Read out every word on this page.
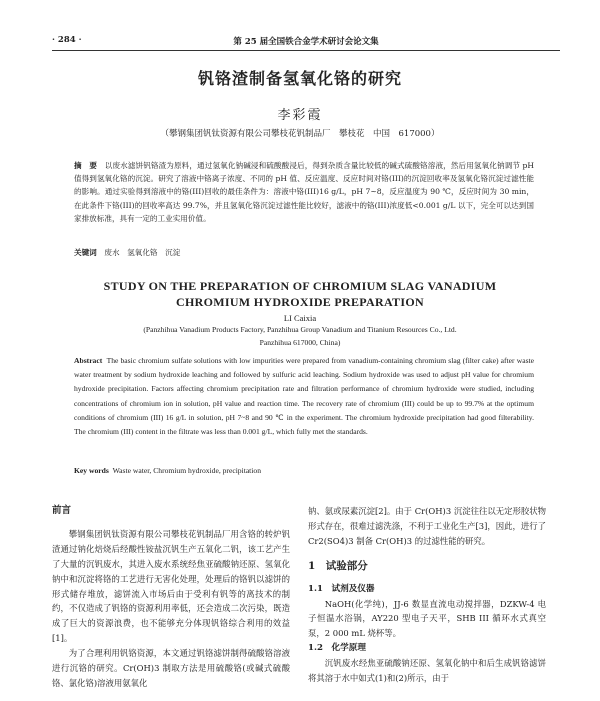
· 284 ·	第 25 届全国铁合金学术研讨会论文集
钒铬渣制备氢氧化铬的研究
李彩霞
（攀钢集团钒钛资源有限公司攀枝花钒制品厂　攀枝花　中国　617000）
摘　要　 以废水滤饼钒铬渣为原料，通过氢氧化钠碱浸和硫酸酸浸后，得到杂质含量比较低的碱式硫酸铬溶液，然后用氢氧化钠调节 pH 值得到氢氧化铬的沉淀。研究了溶液中铬离子浓度、不同的 pH 值、反应温度、反应时间对铬(III)的沉淀回收率及氢氧化铬沉淀过滤性能的影响。通过实验得到溶液中的铬(III)回收的最佳条件为：溶液中铬(III)16 g/L，pH 7~8，反应温度为 90 ℃，反应时间为 30 min，在此条件下铬(III)的回收率高达 99.7%，并且氢氧化铬沉淀过滤性能比较好，滤液中的铬(III)浓度低<0.001 g/L 以下，完全可以达到国家排放标准，具有一定的工业实用价值。
关键词　 废水　氢氧化铬　沉淀
STUDY ON THE PREPARATION OF CHROMIUM SLAG VANADIUM
CHROMIUM HYDROXIDE PREPARATION
LI Caixia
(Panzhihua Vanadium Products Factory, Panzhihua Group Vanadium and Titanium Resources Co., Ltd.
Panzhihua 617000, China)
Abstract The basic chromium sulfate solutions with low impurities were prepared from vanadium-containing chromium slag (filter cake) after waste water treatment by sodium hydroxide leaching and followed by sulfuric acid leaching. Sodium hydroxide was used to adjust pH value for chromium hydroxide precipitation. Factors affecting chromium precipitation rate and filtration performance of chromium hydroxide were studied, including concentrations of chromium ion in solution, pH value and reaction time. The recovery rate of chromium (III) could be up to 99.7% at the optimum conditions of chromium (III) 16 g/L in solution, pH 7~8 and 90 ℃ in the experiment. The chromium hydroxide precipitation had good filterability. The chromium (III) content in the filtrate was less than 0.001 g/L, which fully met the standards.
Key words Waste water, Chromium hydroxide, precipitation
前言

攀钢集团钒钛资源有限公司攀枝花钒制品厂用含铬的转炉钒渣通过钠化焙烧后经酸性铵盐沉钒生产五氧化二钒，该工艺产生了大量的沉钒废水，其进入废水系统经焦亚硫酸钠还原、氢氧化钠中和沉淀将铬的工艺进行无害化处理，处理后的铬钒以滤饼的形式储存堆放，滤饼流入市场后由于受利有钒等的离技术的制约，不仅造成了钒铬的资源利用率低，还会造成二次污染，既造成了巨大的资源浪费，也不能够充分体现钒铬综合利用的效益[1]。

为了合理利用钒铬资源，本文通过钒铬滤饼制得硫酸铬溶液进行沉铬的研究。Cr(OH)3 制取方法是用硫酸铬(或碱式硫酸铬、氯化铬)溶液用氨氧化

钠、氨或尿素沉淀[2]。由于 Cr(OH)3 沉淀往往以无定形胶状物形式存在，很难过滤洗涤，不利于工业化生产[3]，因此，进行了 Cr2(SO4)3 制备 Cr(OH)3 的过滤性能的研究。

1　试验部分
1.1　试剂及仪器

NaOH(化学纯)，JJ-6 数显直流电动搅拌器，DZKW-4 电子恒温水浴锅，AY220 型电子天平，SHB III 循环水式真空泵，2 000 mL 烧杯等。

1.2　化学原理

沉钒废水经焦亚硫酸钠还原、氢氧化钠中和后生成钒铬滤饼将其溶于水中如式(1)和(2)所示，由于
